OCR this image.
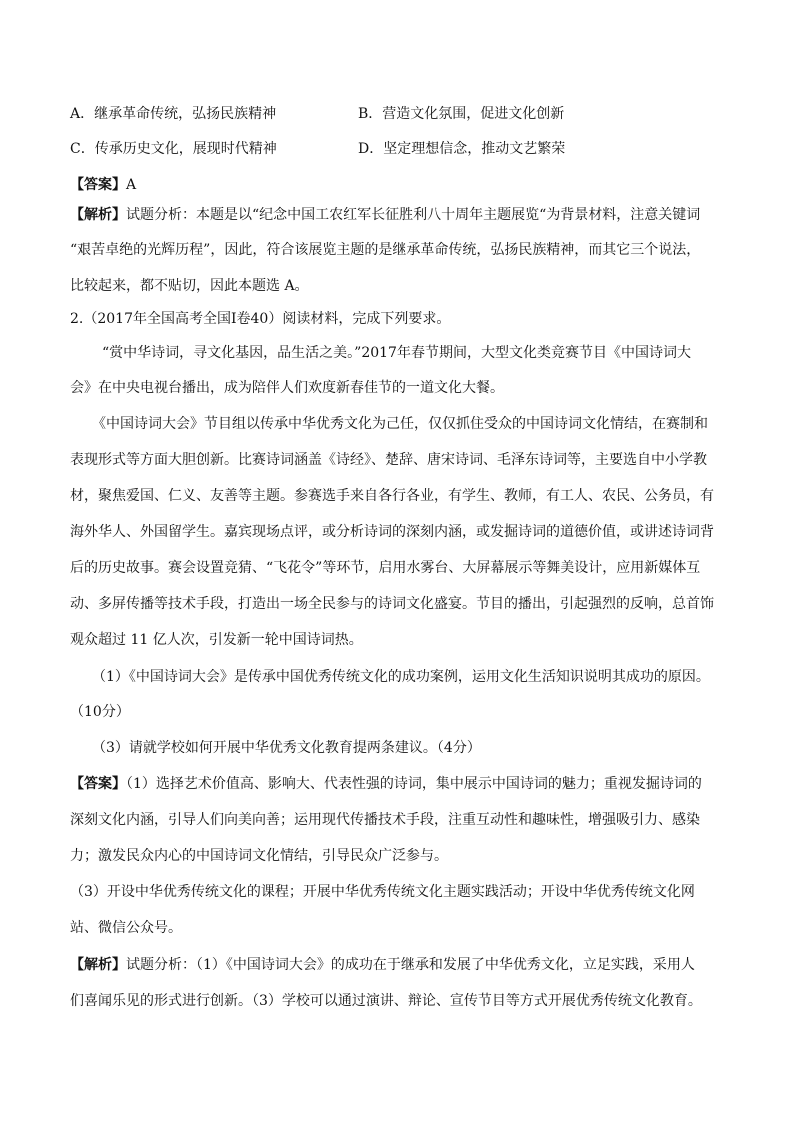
A．继承革命传统，弘扬民族精神	B．营造文化氛围，促进文化创新
C．传承历史文化，展现时代精神	D．坚定理想信念，推动文艺繁荣
【答案】A
【解析】试题分析：本题是以“纪念中国工农红军长征胜利八十周年主题展览“为背景材料，注意关键词
“艰苦卓绝的光辉历程”，因此，符合该展览主题的是继承革命传统，弘扬民族精神，而其它三个说法，
比较起来，都不贴切，因此本题选 A。
2.（2017年全国高考全国Ⅰ卷40）阅读材料，完成下列要求。
“赏中华诗词，寻文化基因，品生活之美。”2017年春节期间，大型文化类竞赛节目《中国诗词大
会》在中央电视台播出，成为陪伴人们欢度新春佳节的一道文化大餐。
《中国诗词大会》节目组以传承中华优秀文化为己任，仅仅抓住受众的中国诗词文化情结，在赛制和
表现形式等方面大胆创新。比赛诗词涵盖《诗经》、楚辞、唐宋诗词、毛泽东诗词等，主要选自中小学教
材，聚焦爱国、仁义、友善等主题。参赛选手来自各行各业，有学生、教师，有工人、农民、公务员，有
海外华人、外国留学生。嘉宾现场点评，或分析诗词的深刻内涵，或发掘诗词的道德价值，或讲述诗词背
后的历史故事。赛会设置竞猜、“飞花令”等环节，启用水雾台、大屏幕展示等舞美设计，应用新媒体互
动、多屏传播等技术手段，打造出一场全民参与的诗词文化盛宴。节目的播出，引起强烈的反响，总首饰
观众超过 11 亿人次，引发新一轮中国诗词热。
（1）《中国诗词大会》是传承中国优秀传统文化的成功案例，运用文化生活知识说明其成功的原因。
（10分）
（3）请就学校如何开展中华优秀文化教育提两条建议。（4分）
【答案】（1）选择艺术价值高、影响大、代表性强的诗词，集中展示中国诗词的魅力；重视发掘诗词的
深刻文化内涵，引导人们向美向善；运用现代传播技术手段，注重互动性和趣味性，增强吸引力、感染
力；激发民众内心的中国诗词文化情结，引导民众广泛参与。
（3）开设中华优秀传统文化的课程；开展中华优秀传统文化主题实践活动；开设中华优秀传统文化网
站、微信公众号。
【解析】试题分析：（1）《中国诗词大会》的成功在于继承和发展了中华优秀文化，立足实践，采用人
们喜闻乐见的形式进行创新。（3）学校可以通过演讲、辩论、宣传节目等方式开展优秀传统文化教育。
